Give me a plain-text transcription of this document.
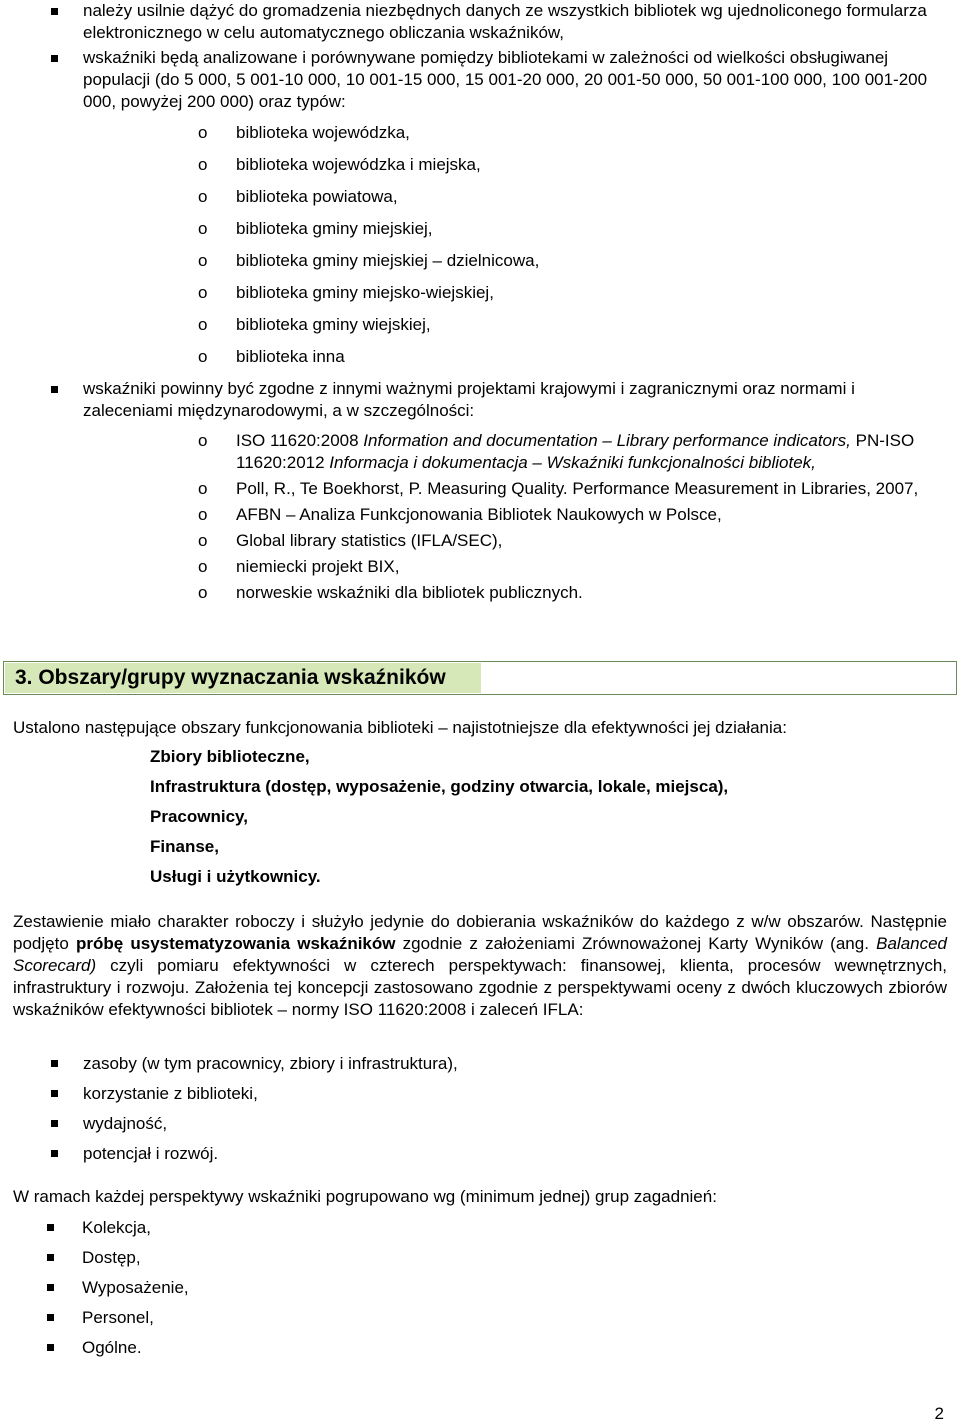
należy usilnie dążyć do gromadzenia niezbędnych danych ze wszystkich bibliotek wg ujednoliconego formularza elektronicznego w celu automatycznego obliczania wskaźników,
wskaźniki będą analizowane i porównywane pomiędzy bibliotekami w zależności od wielkości obsługiwanej populacji (do 5 000, 5 001-10 000, 10 001-15 000, 15 001-20 000, 20 001-50 000, 50 001-100 000, 100 001-200 000, powyżej 200 000) oraz typów:
o biblioteka wojewódzka,
o biblioteka wojewódzka i miejska,
o biblioteka powiatowa,
o biblioteka gminy miejskiej,
o biblioteka gminy miejskiej – dzielnicowa,
o biblioteka gminy miejsko-wiejskiej,
o biblioteka gminy wiejskiej,
o biblioteka inna
wskaźniki powinny być zgodne z innymi ważnymi projektami krajowymi i zagranicznymi oraz normami i zaleceniami międzynarodowymi, a w szczególności:
o ISO 11620:2008 Information and documentation – Library performance indicators, PN-ISO 11620:2012 Informacja i dokumentacja – Wskaźniki funkcjonalności bibliotek,
o Poll, R., Te Boekhorst, P. Measuring Quality. Performance Measurement in Libraries, 2007,
o AFBN – Analiza Funkcjonowania Bibliotek Naukowych w Polsce,
o Global library statistics (IFLA/SEC),
o niemiecki projekt BIX,
o norweskie wskaźniki dla bibliotek publicznych.
3. Obszary/grupy wyznaczania wskaźników
Ustalono następujące obszary funkcjonowania biblioteki – najistotniejsze dla efektywności jej działania:
Zbiory biblioteczne,
Infrastruktura (dostęp, wyposażenie, godziny otwarcia, lokale, miejsca),
Pracownicy,
Finanse,
Usługi i użytkownicy.
Zestawienie miało charakter roboczy i służyło jedynie do dobierania wskaźników do każdego z w/w obszarów. Następnie podjęto próbę usystematyzowania wskaźników zgodnie z założeniami Zrównoważonej Karty Wyników (ang. Balanced Scorecard) czyli pomiaru efektywności w czterech perspektywach: finansowej, klienta, procesów wewnętrznych, infrastruktury i rozwoju. Założenia tej koncepcji zastosowano zgodnie z perspektywami oceny z dwóch kluczowych zbiorów wskaźników efektywności bibliotek – normy ISO 11620:2008 i zaleceń IFLA:
zasoby (w tym pracownicy, zbiory i infrastruktura),
korzystanie z biblioteki,
wydajność,
potencjał i rozwój.
W ramach każdej perspektywy wskaźniki pogrupowano wg (minimum jednej) grup zagadnień:
Kolekcja,
Dostęp,
Wyposażenie,
Personel,
Ogólne.
2
